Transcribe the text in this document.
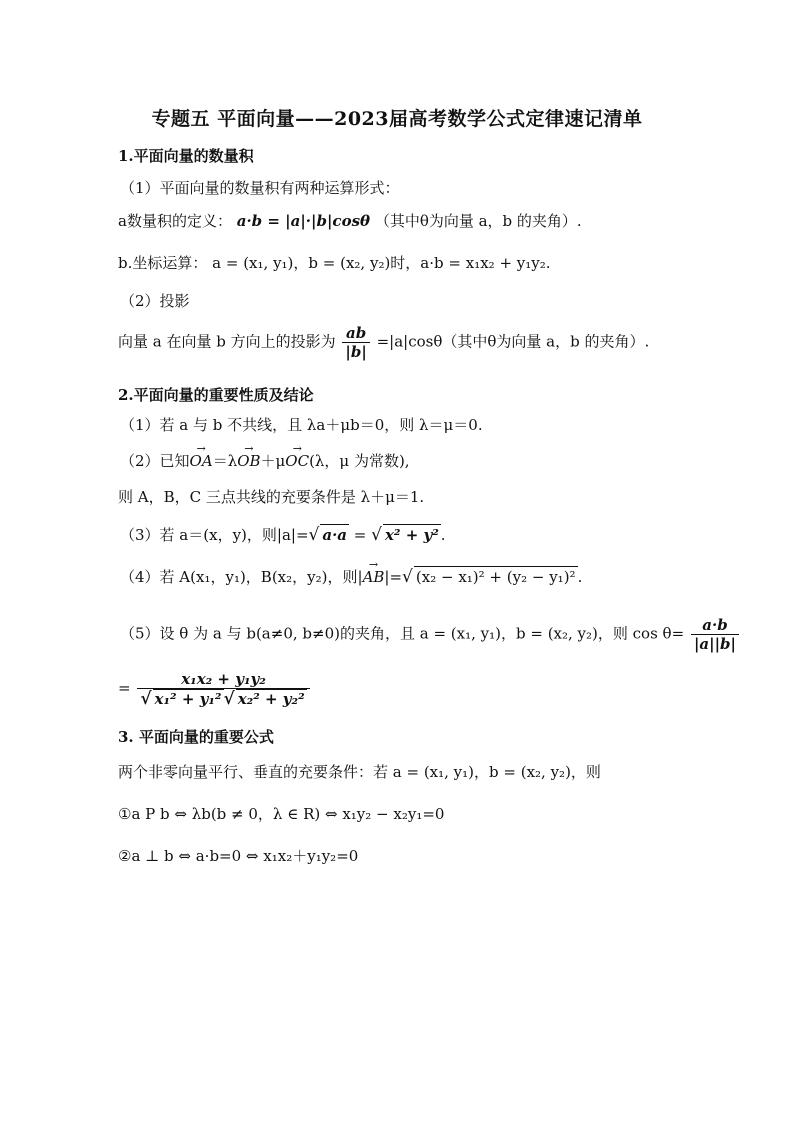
专题五 平面向量——2023届高考数学公式定律速记清单
1.平面向量的数量积
（1）平面向量的数量积有两种运算形式：
a数量积的定义： a·b = |a|·|b|cosθ （其中θ为向量 a，b 的夹角）.
b.坐标运算： a = (x₁, y₁)，b = (x₂, y₂)时，a·b = x₁x₂ + y₁y₂.
（2）投影
向量 a 在向量 b 方向上的投影为 $\frac{ab}{|b|} =|a|\cos\theta$（其中θ为向量 a，b 的夹角）.
2.平面向量的重要性质及结论
（1）若 a 与 b 不共线，且 λa＋μb＝0，则 λ＝μ＝0.
（2）已知→ OA＝λ→ OB＋μ→ OC(λ，μ 为常数),
则 A，B，C 三点共线的充要条件是 λ＋μ＝1.
（3）若 a＝(x，y)，则|a|=√ a·a = √ x² + y² .
（4）若 A(x₁，y₁)，B(x₂，y₂)，则|→ AB|=√ (x₂ − x₁)² + (y₂ − y₁)² .
（5）设 θ 为 a 与 b(a≠0, b≠0)的夹角，且 a = (x₁, y₁)，b = (x₂, y₂)，则 $\cos \theta= \frac{a\cdot b}{|a||b|}$
= $\frac{\text{x₁x₂ + y₁y₂}}{\text{√ x₁² + y₁² √ x₂² + y₂²}}$
3. 平面向量的重要公式
两个非零向量平行、垂直的充要条件：若 a = (x₁, y₁)，b = (x₂, y₂)，则
①a P b ⇔ λb(b ≠ 0，λ ∈ R) ⇔ x₁y₂ − x₂y₁=0
②a ⊥ b ⇔ a·b=0 ⇔ x₁x₂＋y₁y₂=0
